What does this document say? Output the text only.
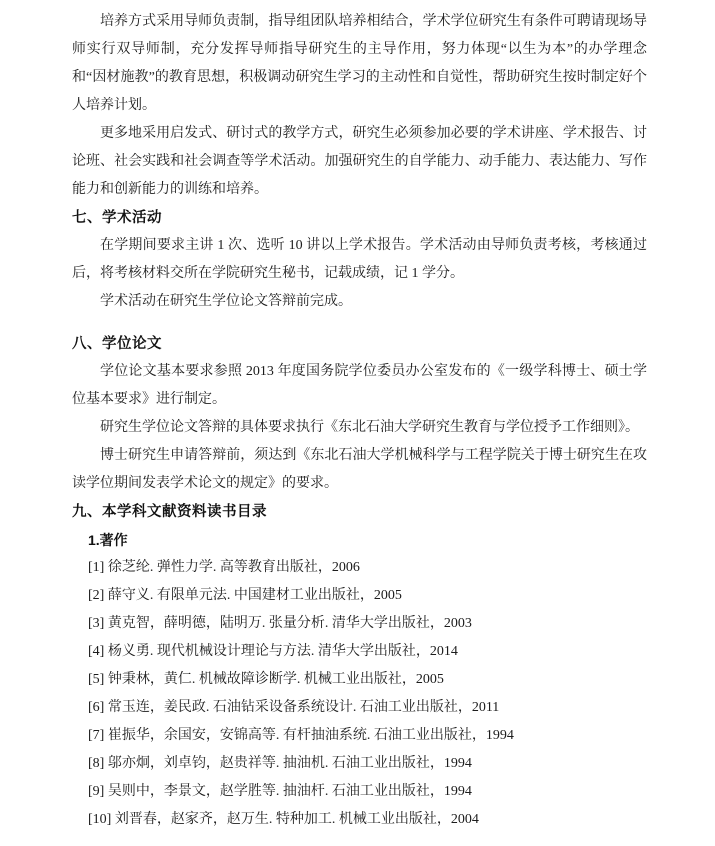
培养方式采用导师负责制，指导组团队培养相结合，学术学位研究生有条件可聘请现场导师实行双导师制，充分发挥导师指导研究生的主导作用，努力体现“以生为本”的办学理念和“因材施教”的教育思想，积极调动研究生学习的主动性和自觉性，帮助研究生按时制定好个人培养计划。

更多地采用启发式、研讨式的教学方式，研究生必须参加必要的学术讲座、学术报告、讨论班、社会实践和社会调查等学术活动。加强研究生的自学能力、动手能力、表达能力、写作能力和创新能力的训练和培养。

七、学术活动

在学期间要求主讲 1 次、选听 10 讲以上学术报告。学术活动由导师负责考核，考核通过后，将考核材料交所在学院研究生秘书，记载成绩，记 1 学分。

学术活动在研究生学位论文答辩前完成。

八、学位论文

学位论文基本要求参照 2013 年度国务院学位委员办公室发布的《一级学科博士、硕士学位基本要求》进行制定。

研究生学位论文答辩的具体要求执行《东北石油大学研究生教育与学位授予工作细则》。

博士研究生申请答辩前，须达到《东北石油大学机械科学与工程学院关于博士研究生在攻读学位期间发表学术论文的规定》的要求。

九、本学科文献资料读书目录
1.著作

[1] 徐芝纶. 弹性力学. 高等教育出版社，2006

[2] 薛守义. 有限单元法. 中国建材工业出版社，2005

[3] 黄克智，薛明德，陆明万. 张量分析. 清华大学出版社，2003

[4] 杨义勇. 现代机械设计理论与方法. 清华大学出版社，2014

[5] 钟秉林，黄仁. 机械故障诊断学. 机械工业出版社，2005

[6] 常玉连，姜民政. 石油钻采设备系统设计. 石油工业出版社，2011

[7] 崔振华，余国安，安锦高等. 有杆抽油系统. 石油工业出版社，1994

[8] 邬亦炯，刘卓钧，赵贵祥等. 抽油机. 石油工业出版社，1994

[9] 吴则中，李景文，赵学胜等. 抽油杆. 石油工业出版社，1994

[10] 刘晋春，赵家齐，赵万生. 特种加工. 机械工业出版社，2004
